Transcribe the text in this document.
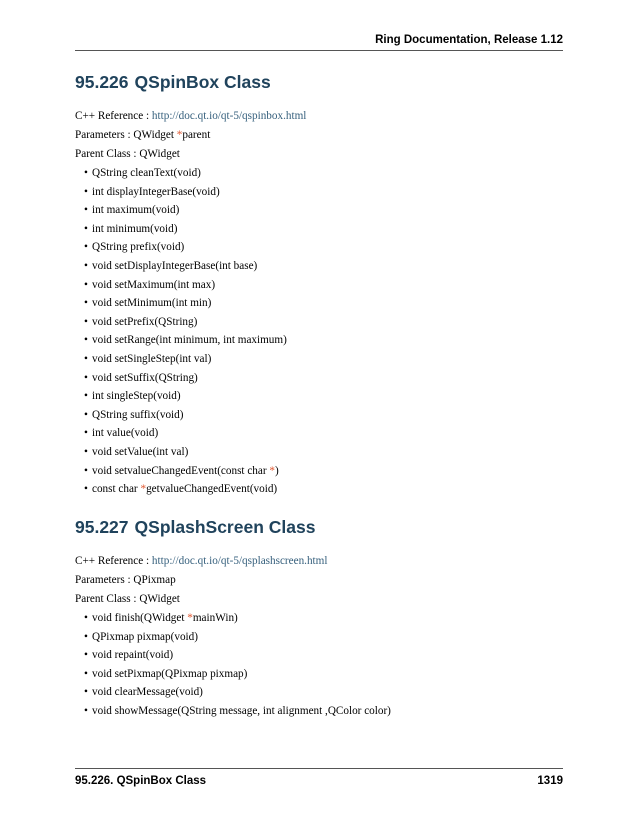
Ring Documentation, Release 1.12
95.226 QSpinBox Class

C++ Reference : http://doc.qt.io/qt-5/qspinbox.html

Parameters : QWidget *parent

Parent Class : QWidget

• QString cleanText(void)
• int displayIntegerBase(void)
• int maximum(void)
• int minimum(void)
• QString prefix(void)
• void setDisplayIntegerBase(int base)
• void setMaximum(int max)
• void setMinimum(int min)
• void setPrefix(QString)
• void setRange(int minimum, int maximum)
• void setSingleStep(int val)
• void setSuffix(QString)
• int singleStep(void)
• QString suffix(void)
• int value(void)
• void setValue(int val)
• void setvalueChangedEvent(const char *)
• const char *getvalueChangedEvent(void)
95.227 QSplashScreen Class

C++ Reference : http://doc.qt.io/qt-5/qsplashscreen.html

Parameters : QPixmap

Parent Class : QWidget

• void finish(QWidget *mainWin)
• QPixmap pixmap(void)
• void repaint(void)
• void setPixmap(QPixmap pixmap)
• void clearMessage(void)
• void showMessage(QString message, int alignment ,QColor color)
95.226. QSpinBox Class	1319
